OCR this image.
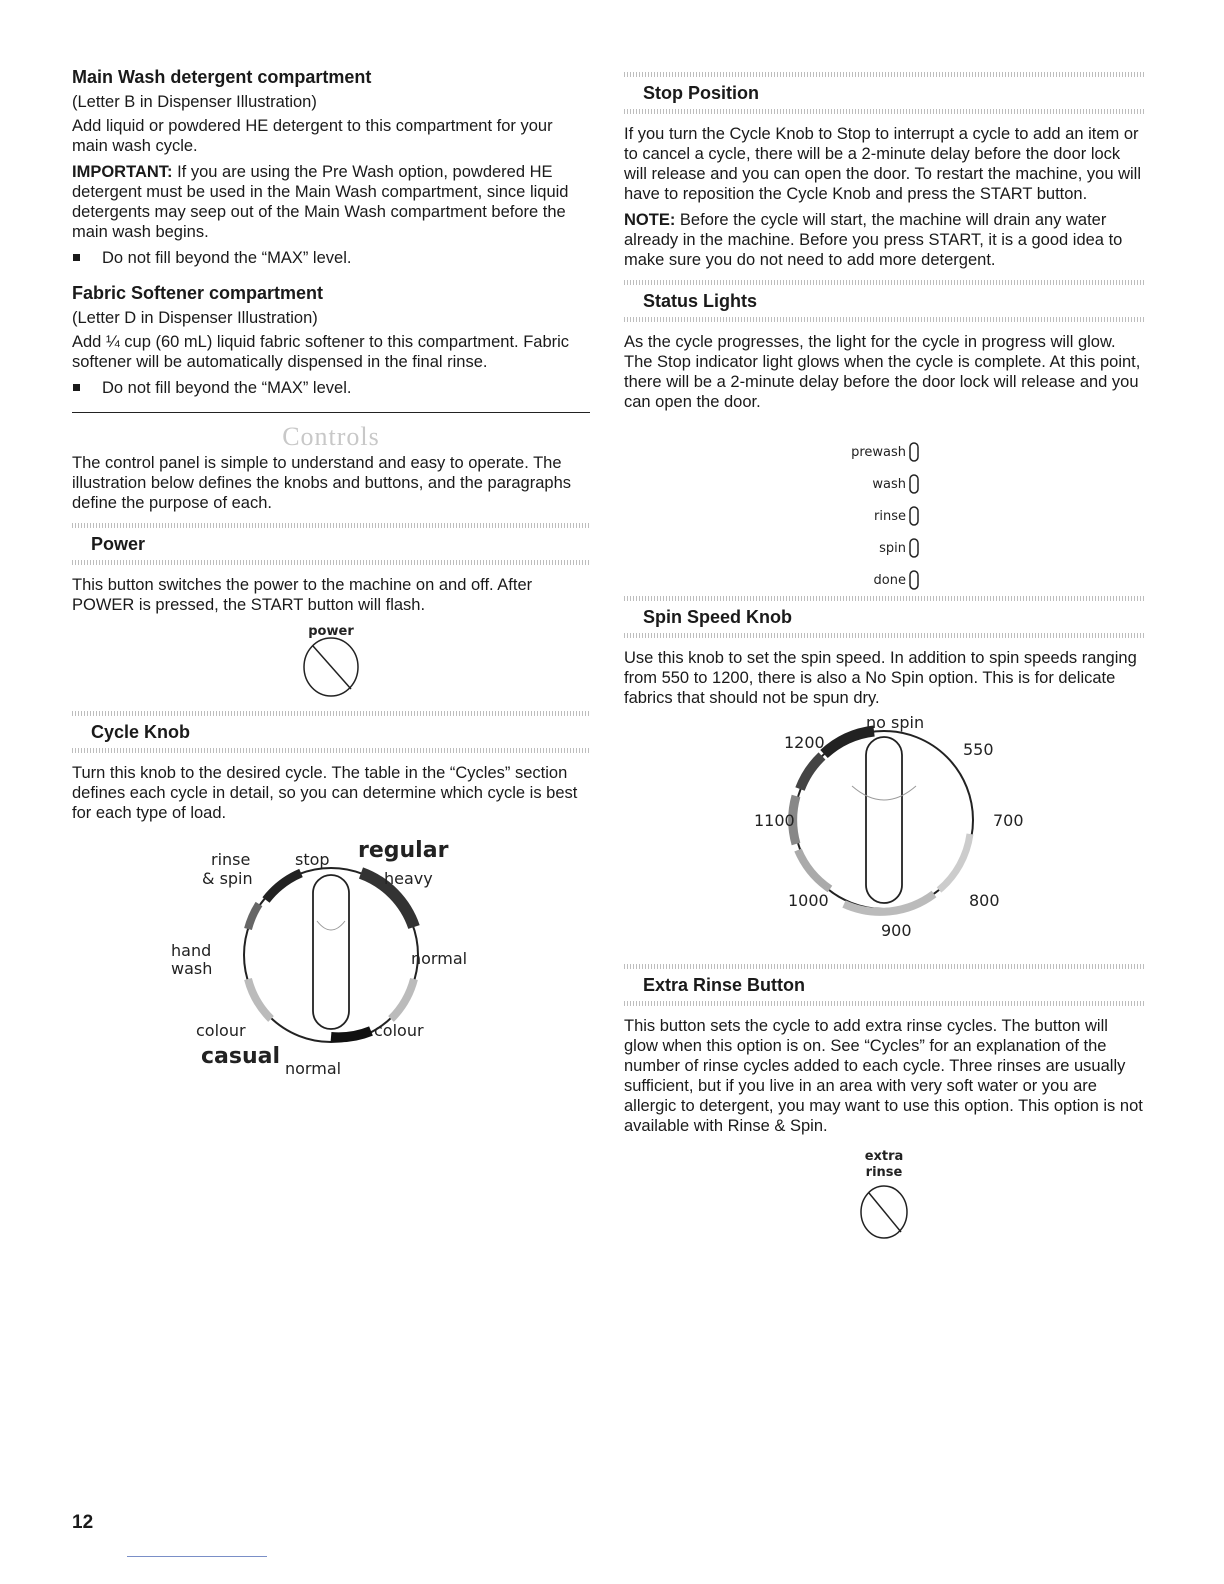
Main Wash detergent compartment

(Letter B in Dispenser Illustration)

Add liquid or powdered HE detergent to this compartment for your main wash cycle.

IMPORTANT: If you are using the Pre Wash option, powdered HE detergent must be used in the Main Wash compartment, since liquid detergents may seep out of the Main Wash compartment before the main wash begins.

Do not fill beyond the “MAX” level.

Fabric Softener compartment

(Letter D in Dispenser Illustration)

Add ¼ cup (60 mL) liquid fabric softener to this compartment. Fabric softener will be automatically dispensed in the final rinse.

Do not fill beyond the “MAX” level.

Controls

The control panel is simple to understand and easy to operate. The illustration below defines the knobs and buttons, and the paragraphs define the purpose of each.

Power

This button switches the power to the machine on and off. After POWER is pressed, the START button will flash.

power
Cycle Knob

Turn this knob to the desired cycle. The table in the “Cycles” section defines each cycle in detail, so you can determine which cycle is best for each type of load.

rinse
& spin
stop regular
heavy
hand
wash
normal
colour	colour
casual normal
Stop Position

If you turn the Cycle Knob to Stop to interrupt a cycle to add an item or to cancel a cycle, there will be a 2-minute delay before the door lock will release and you can open the door. To restart the machine, you will have to reposition the Cycle Knob and press the START button.

NOTE: Before the cycle will start, the machine will drain any water already in the machine. Before you press START, it is a good idea to make sure you do not need to add more detergent.

Status Lights

As the cycle progresses, the light for the cycle in progress will glow. The Stop indicator light glows when the cycle is complete. At this point, there will be a 2-minute delay before the door lock will release and you can open the door.

prewash
wash
rinse
spin
done
Spin Speed Knob

Use this knob to set the spin speed. In addition to spin speeds ranging from 550 to 1200, there is also a No Spin option. This is for delicate fabrics that should not be spun dry.

no spin
1200	550
1100	700
1000	800
900
Extra Rinse Button

This button sets the cycle to add extra rinse cycles. The button will glow when this option is on. See “Cycles” for an explanation of the number of rinse cycles added to each cycle. Three rinses are usually sufficient, but if you live in an area with very soft water or you are allergic to detergent, you may want to use this option. This option is not available with Rinse & Spin.

extra
rinse
12
